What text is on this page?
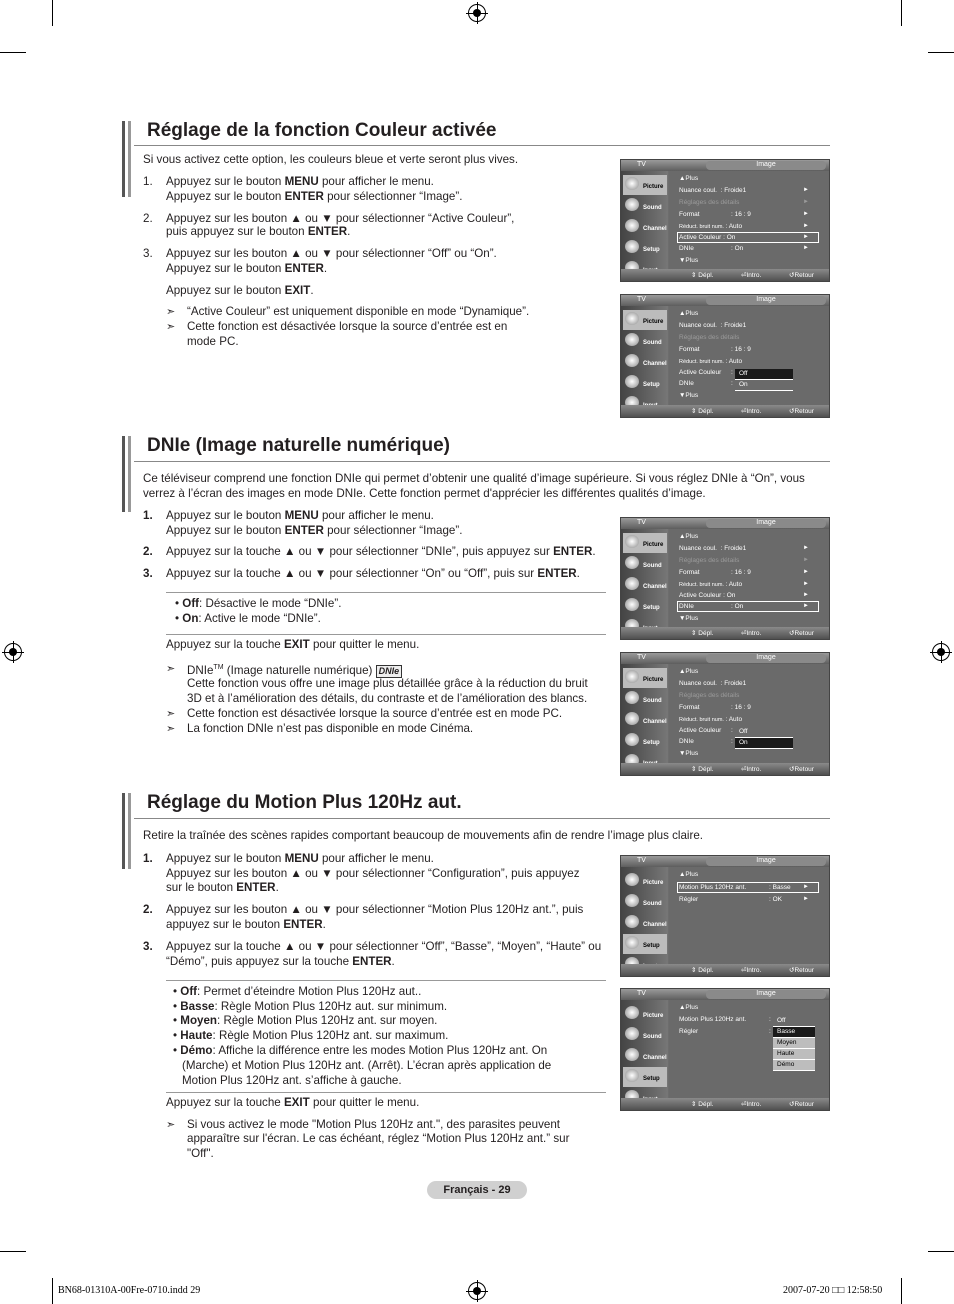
Réglage de la fonction Couleur activée
Si vous activez cette option, les couleurs bleue et verte seront plus vives.
1. Appuyez sur le bouton MENU pour afficher le menu.
Appuyez sur le bouton ENTER pour sélectionner “Image”.
2. Appuyez sur les bouton ▲ ou ▼ pour sélectionner “Active Couleur”,
puis appuyez sur le bouton ENTER.
3. Appuyez sur les bouton ▲ ou ▼ pour sélectionner “Off” ou “On”.
Appuyez sur le bouton ENTER.
Appuyez sur le bouton EXIT.
➣ “Active Couleur” est uniquement disponible en mode “Dynamique”.
➣ Cette fonction est désactivée lorsque la source d’entrée est en
mode PC.
TV	Image
Picture
Sound
Channel
Setup
▲Plus
Nuance coul. : Froide1	►
Réglages des détails	►
Format	: 16 : 9	►
Réduct. bruit num. : Auto	►
Active Couleur : On	►
DNIe	: On	►
▼Plus
⇕ Dépl.	⏎Intro.	↺Retour
TV	Image
Picture
Sound
Channel
Setup
▲Plus
Nuance coul. : Froide1
Réglages des détails
Format	: 16 : 9
Réduct. bruit num. : Auto
Active Couleur :
DNIe	:
Off
On
▼Plus
⇕ Dépl.	⏎Intro.	↺Retour
DNIe (Image naturelle numérique)
Ce téléviseur comprend une fonction DNIe qui permet d’obtenir une qualité d’image supérieure. Si vous réglez DNIe à “On”, vous
verrez à l’écran des images en mode DNIe. Cette fonction permet d'apprécier les différentes qualités d’image.
1. Appuyez sur le bouton MENU pour afficher le menu.
Appuyez sur le bouton ENTER pour sélectionner “Image”.
2. Appuyez sur la touche ▲ ou ▼ pour sélectionner “DNIe”, puis appuyez sur ENTER.
3. Appuyez sur la touche ▲ ou ▼ pour sélectionner “On” ou “Off”, puis sur ENTER.
• Off: Désactive le mode “DNIe”.
• On: Active le mode “DNIe”.
Appuyez sur la touche EXIT pour quitter le menu.
➣ DNIe™ (Image naturelle numérique) DNIe
Cette fonction vous offre une image plus détaillée grâce à la réduction du bruit
3D et à l’amélioration des détails, du contraste et de l’amélioration des blancs.
➣ Cette fonction est désactivée lorsque la source d’entrée est en mode PC.
➣ La fonction DNIe n’est pas disponible en mode Cinéma.
TV	Image
Picture
Sound
Channel
Setup
▲Plus
Nuance coul. : Froide1	►
Réglages des détails	►
Format	: 16 : 9	►
Réduct. bruit num. : Auto	►
Active Couleur : On	►
DNIe	: On	►
▼Plus
⇕ Dépl.	⏎Intro.	↺Retour
TV	Image
Picture
Sound
Channel
Setup
▲Plus
Nuance coul. : Froide1
Réglages des détails
Format	: 16 : 9
Réduct. bruit num. : Auto
Active Couleur :
DNIe	:
Off
On
▼Plus
⇕ Dépl.	⏎Intro.	↺Retour
Réglage du Motion Plus 120Hz aut.
Retire la traînée des scènes rapides comportant beaucoup de mouvements afin de rendre l’image plus claire.
1. Appuyez sur le bouton MENU pour afficher le menu.
Appuyez sur les bouton ▲ ou ▼ pour sélectionner “Configuration”, puis appuyez
sur le bouton ENTER.
2. Appuyez sur les bouton ▲ ou ▼ pour sélectionner “Motion Plus 120Hz ant.”, puis
appuyez sur le bouton ENTER.
3. Appuyez sur la touche ▲ ou ▼ pour sélectionner “Off”, “Basse”, “Moyen”, “Haute” ou
“Démo”, puis appuyez sur la touche ENTER.
• Off: Permet d’éteindre Motion Plus 120Hz aut..
• Basse: Règle Motion Plus 120Hz aut. sur minimum.
• Moyen: Règle Motion Plus 120Hz ant. sur moyen.
• Haute: Règle Motion Plus 120Hz ant. sur maximum.
• Démo: Affiche la différence entre les modes Motion Plus 120Hz ant. On
(Marche) et Motion Plus 120Hz ant. (Arrêt). L’écran après application de
Motion Plus 120Hz ant. s’affiche à gauche.
Appuyez sur la touche EXIT pour quitter le menu.
➣ Si vous activez le mode "Motion Plus 120Hz ant.", des parasites peuvent
apparaître sur l'écran. Le cas échéant, réglez “Motion Plus 120Hz ant.” sur
"Off".
TV	Image
Picture
Sound
Channel
Setup
▲Plus
Motion Plus 120Hz ant.	: Basse ►
Régler	: OK	►
⇕ Dépl.	⏎Intro.	↺Retour
TV	Image
Picture
Sound
Channel
Setup
▲Plus
Motion Plus 120Hz ant.	:
Régler	:
Off
Basse
Moyen
Haute
Démo
⇕ Dépl.	⏎Intro.	↺Retour
Français - 29
BN68-01310A-00Fre-0710.indd 29	2007-07-20 □□ 12:58:50
